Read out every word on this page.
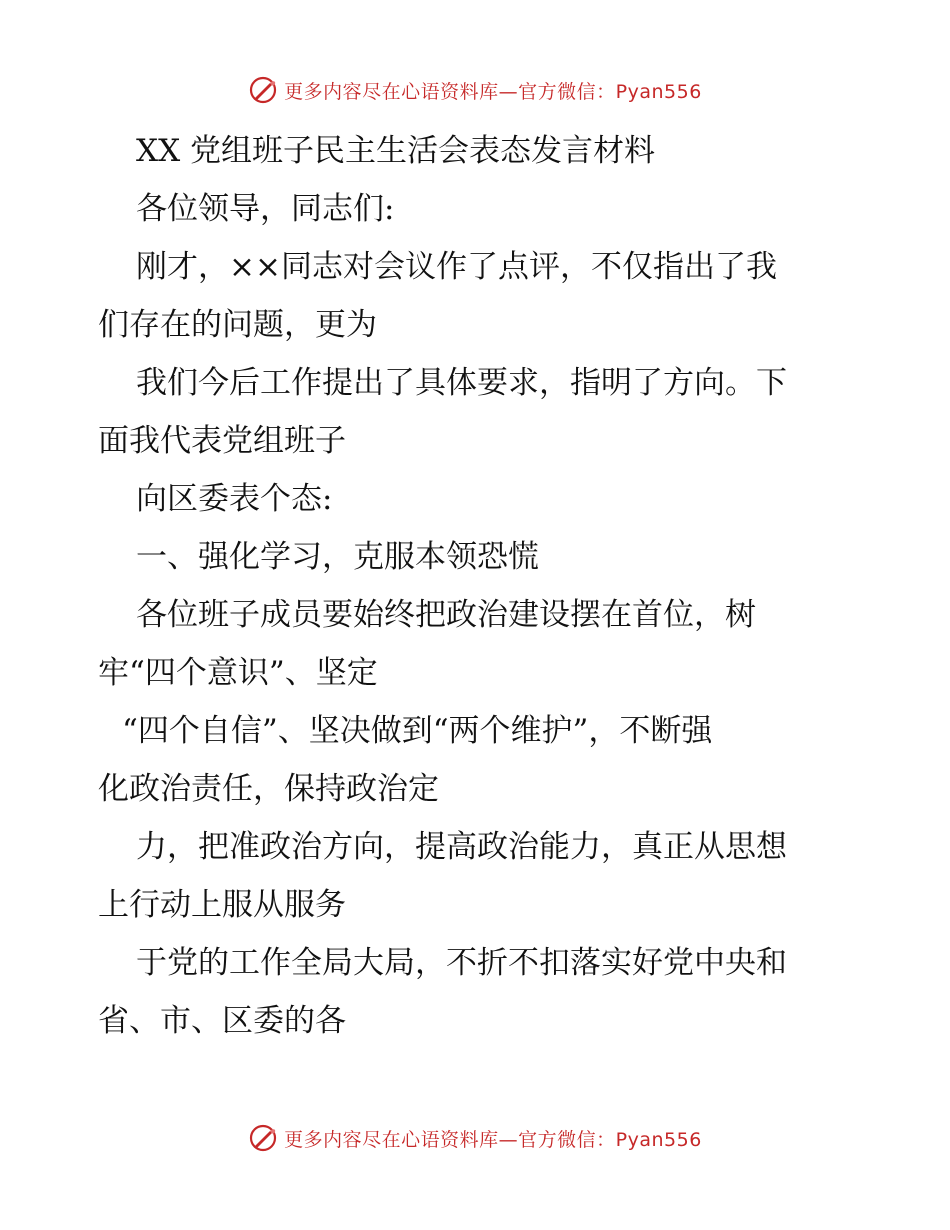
更多内容尽在心语资料库—官方微信：Pyan556
XX 党组班子民主生活会表态发言材料
各位领导，同志们:
刚才，××同志对会议作了点评，不仅指出了我
们存在的问题，更为
我们今后工作提出了具体要求，指明了方向。下
面我代表党组班子
向区委表个态:
一、强化学习，克服本领恐慌
各位班子成员要始终把政治建设摆在首位，树
牢“四个意识”、坚定
“四个自信”、坚决做到“两个维护”，不断强
化政治责任，保持政治定
力，把准政治方向，提高政治能力，真正从思想
上行动上服从服务
于党的工作全局大局，不折不扣落实好党中央和
省、市、区委的各
更多内容尽在心语资料库—官方微信：Pyan556
